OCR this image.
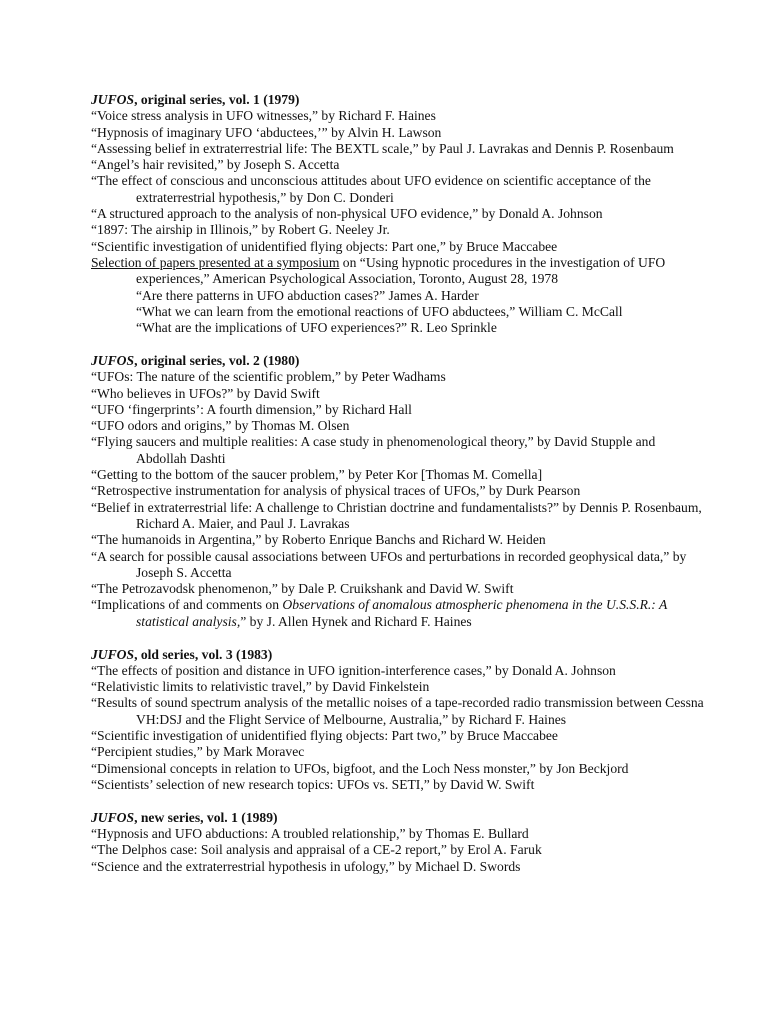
JUFOS, original series, vol. 1 (1979)
“Voice stress analysis in UFO witnesses,” by Richard F. Haines
“Hypnosis of imaginary UFO ‘abductees,’” by Alvin H. Lawson
“Assessing belief in extraterrestrial life: The BEXTL scale,” by Paul J. Lavrakas and Dennis P. Rosenbaum
“Angel’s hair revisited,” by Joseph S. Accetta
“The effect of conscious and unconscious attitudes about UFO evidence on scientific acceptance of the extraterrestrial hypothesis,” by Don C. Donderi
“A structured approach to the analysis of non-physical UFO evidence,” by Donald A. Johnson
“1897: The airship in Illinois,” by Robert G. Neeley Jr.
“Scientific investigation of unidentified flying objects: Part one,” by Bruce Maccabee
Selection of papers presented at a symposium on “Using hypnotic procedures in the investigation of UFO experiences,” American Psychological Association, Toronto, August 28, 1978
“Are there patterns in UFO abduction cases?” James A. Harder
“What we can learn from the emotional reactions of UFO abductees,” William C. McCall
“What are the implications of UFO experiences?” R. Leo Sprinkle
JUFOS, original series, vol. 2 (1980)
“UFOs: The nature of the scientific problem,” by Peter Wadhams
“Who believes in UFOs?” by David Swift
“UFO ‘fingerprints’: A fourth dimension,” by Richard Hall
“UFO odors and origins,” by Thomas M. Olsen
“Flying saucers and multiple realities: A case study in phenomenological theory,” by David Stupple and Abdollah Dashti
“Getting to the bottom of the saucer problem,” by Peter Kor [Thomas M. Comella]
“Retrospective instrumentation for analysis of physical traces of UFOs,” by Durk Pearson
“Belief in extraterrestrial life: A challenge to Christian doctrine and fundamentalists?” by Dennis P. Rosenbaum, Richard A. Maier, and Paul J. Lavrakas
“The humanoids in Argentina,” by Roberto Enrique Banchs and Richard W. Heiden
“A search for possible causal associations between UFOs and perturbations in recorded geophysical data,” by Joseph S. Accetta
“The Petrozavodsk phenomenon,” by Dale P. Cruikshank and David W. Swift
“Implications of and comments on Observations of anomalous atmospheric phenomena in the U.S.S.R.: A statistical analysis,” by J. Allen Hynek and Richard F. Haines
JUFOS, old series, vol. 3 (1983)
“The effects of position and distance in UFO ignition-interference cases,” by Donald A. Johnson
“Relativistic limits to relativistic travel,” by David Finkelstein
“Results of sound spectrum analysis of the metallic noises of a tape-recorded radio transmission between Cessna VH:DSJ and the Flight Service of Melbourne, Australia,” by Richard F. Haines
“Scientific investigation of unidentified flying objects: Part two,” by Bruce Maccabee
“Percipient studies,” by Mark Moravec
“Dimensional concepts in relation to UFOs, bigfoot, and the Loch Ness monster,” by Jon Beckjord
“Scientists’ selection of new research topics: UFOs vs. SETI,” by David W. Swift
JUFOS, new series, vol. 1 (1989)
“Hypnosis and UFO abductions: A troubled relationship,” by Thomas E. Bullard
“The Delphos case: Soil analysis and appraisal of a CE-2 report,” by Erol A. Faruk
“Science and the extraterrestrial hypothesis in ufology,” by Michael D. Swords
